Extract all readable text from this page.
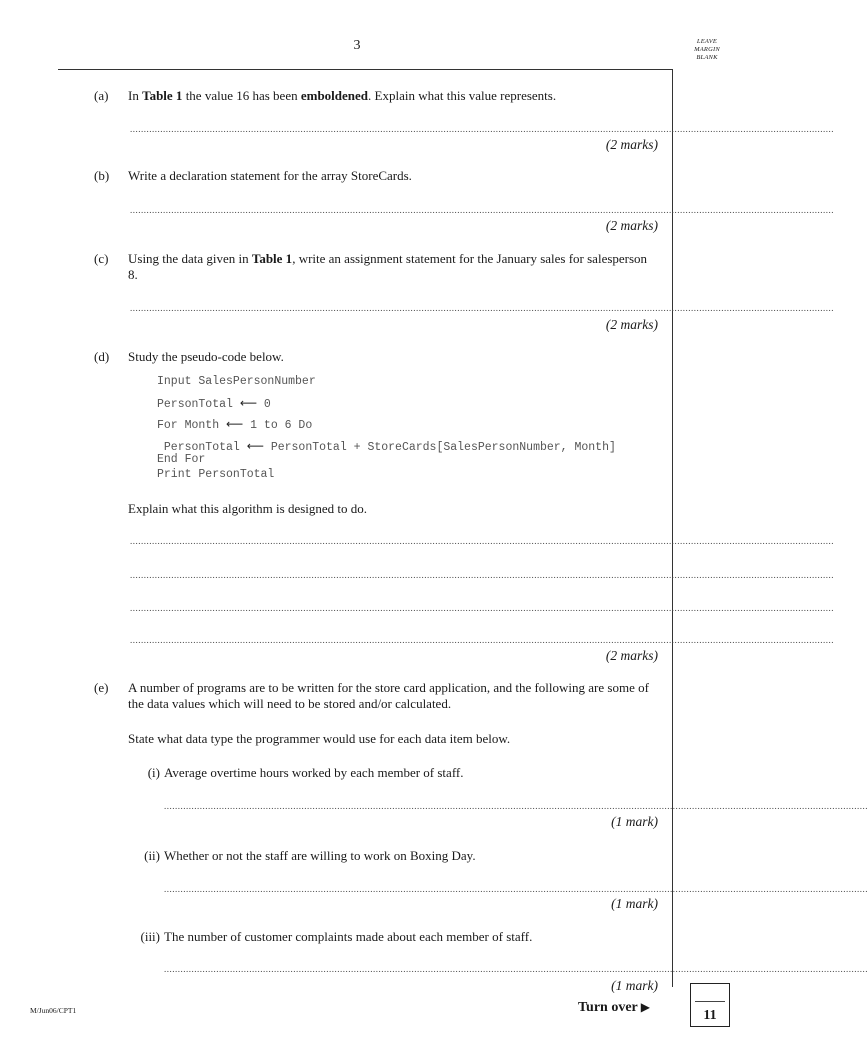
3	LEAVE
MARGIN
BLANK
(a)	In Table 1 the value 16 has been emboldened. Explain what this value represents.
................................................................................................................................................................................................................................................................
(2 marks)
(b)	Write a declaration statement for the array StoreCards.
................................................................................................................................................................................................................................................................
(2 marks)
(c)	Using the data given in Table 1, write an assignment statement for the January sales for salesperson 8.
................................................................................................................................................................................................................................................................
(2 marks)
(d)	Study the pseudo-code below.
Input SalesPersonNumber
PersonTotal ⟵ 0
For Month ⟵ 1 to 6 Do
PersonTotal ⟵ PersonTotal + StoreCards[SalesPersonNumber, Month]
End For
Print PersonTotal
Explain what this algorithm is designed to do.
................................................................................................................................................................................................................................................................
................................................................................................................................................................................................................................................................
................................................................................................................................................................................................................................................................
................................................................................................................................................................................................................................................................
(2 marks)
(e)	A number of programs are to be written for the store card application, and the following are some of the data values which will need to be stored and/or calculated.
State what data type the programmer would use for each data item below.
(i) Average overtime hours worked by each member of staff.
................................................................................................................................................................................................................................................................
(1 mark)
(ii) Whether or not the staff are willing to work on Boxing Day.
................................................................................................................................................................................................................................................................
(1 mark)
(iii) The number of customer complaints made about each member of staff.
................................................................................................................................................................................................................................................................
(1 mark)
M/Jun06/CPT1	Turn over ▶
11
